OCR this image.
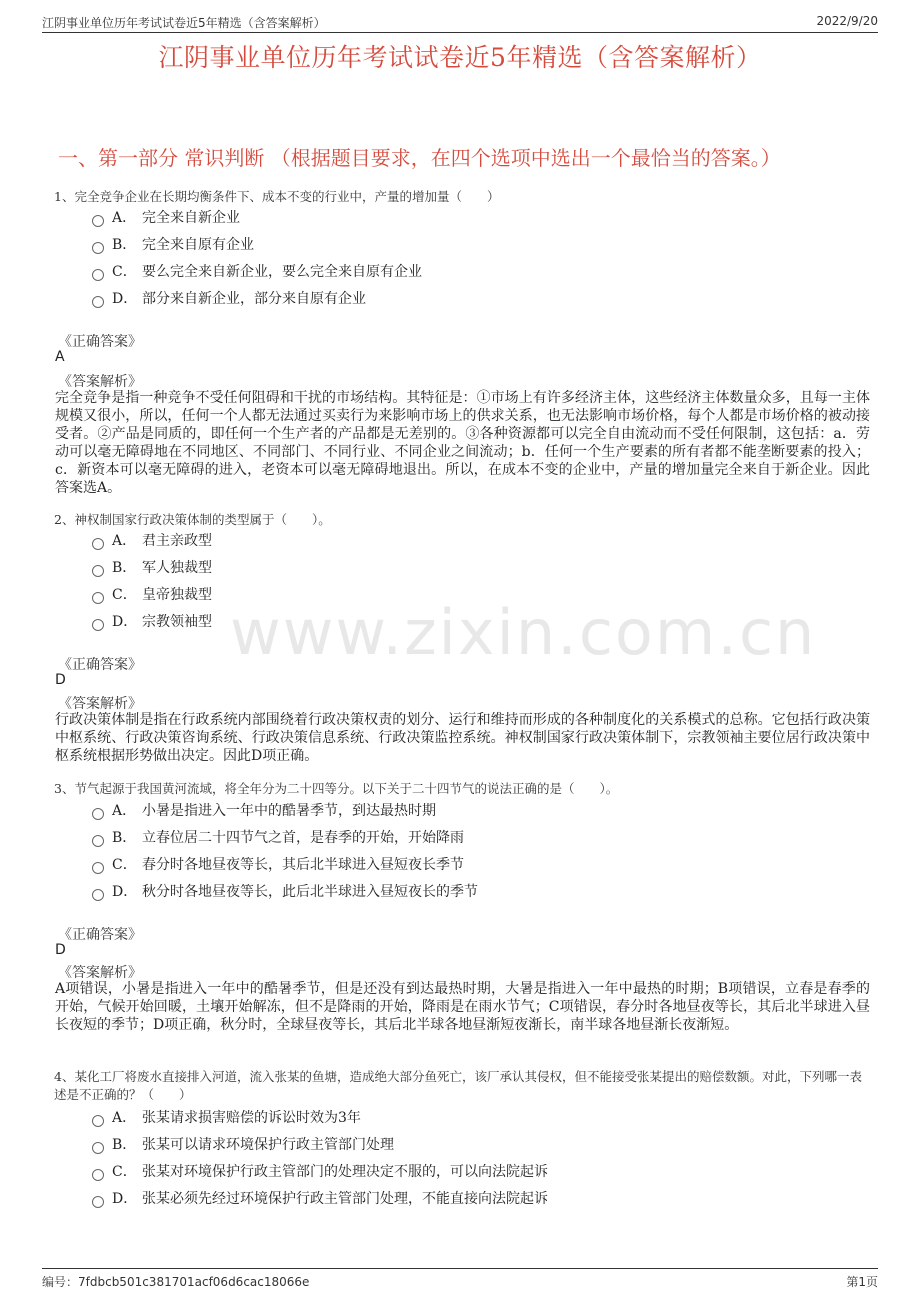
江阴事业单位历年考试试卷近5年精选（含答案解析）	2022/9/20
江阴事业单位历年考试试卷近5年精选（含答案解析）
一、第一部分 常识判断 （根据题目要求，在四个选项中选出一个最恰当的答案。）
www.zixin.com.cn
1、完全竞争企业在长期均衡条件下、成本不变的行业中，产量的增加量（　　）
A． 完全来自新企业
B． 完全来自原有企业
C． 要么完全来自新企业，要么完全来自原有企业
D． 部分来自新企业，部分来自原有企业
《正确答案》
A
《答案解析》
完全竞争是指一种竞争不受任何阻碍和干扰的市场结构。其特征是：①市场上有许多经济主体，这些经济主体数量众多，且每一主体规模又很小，所以，任何一个人都无法通过买卖行为来影响市场上的供求关系，也无法影响市场价格，每个人都是市场价格的被动接受者。②产品是同质的，即任何一个生产者的产品都是无差别的。③各种资源都可以完全自由流动而不受任何限制，这包括：a．劳动可以毫无障碍地在不同地区、不同部门、不同行业、不同企业之间流动；b．任何一个生产要素的所有者都不能垄断要素的投入；c．新资本可以毫无障碍的进入，老资本可以毫无障碍地退出。所以，在成本不变的企业中，产量的增加量完全来自于新企业。因此答案选A。
2、神权制国家行政决策体制的类型属于（　　）。
A． 君主亲政型
B． 军人独裁型
C． 皇帝独裁型
D． 宗教领袖型
《正确答案》
D
《答案解析》
行政决策体制是指在行政系统内部围绕着行政决策权责的划分、运行和维持而形成的各种制度化的关系模式的总称。它包括行政决策中枢系统、行政决策咨询系统、行政决策信息系统、行政决策监控系统。神权制国家行政决策体制下，宗教领袖主要位居行政决策中枢系统根据形势做出决定。因此D项正确。
3、节气起源于我国黄河流域，将全年分为二十四等分。以下关于二十四节气的说法正确的是（　　）。
A． 小暑是指进入一年中的酷暑季节，到达最热时期
B． 立春位居二十四节气之首，是春季的开始，开始降雨
C． 春分时各地昼夜等长，其后北半球进入昼短夜长季节
D． 秋分时各地昼夜等长，此后北半球进入昼短夜长的季节
《正确答案》
D
《答案解析》
A项错误，小暑是指进入一年中的酷暑季节，但是还没有到达最热时期，大暑是指进入一年中最热的时期；B项错误，立春是春季的开始，气候开始回暖，土壤开始解冻，但不是降雨的开始，降雨是在雨水节气；C项错误，春分时各地昼夜等长，其后北半球进入昼长夜短的季节；D项正确，秋分时，全球昼夜等长，其后北半球各地昼渐短夜渐长，南半球各地昼渐长夜渐短。
4、某化工厂将废水直接排入河道，流入张某的鱼塘，造成绝大部分鱼死亡，该厂承认其侵权，但不能接受张某提出的赔偿数额。对此，下列哪一表述是不正确的？（　　）
A． 张某请求损害赔偿的诉讼时效为3年
B． 张某可以请求环境保护行政主管部门处理
C． 张某对环境保护行政主管部门的处理决定不服的，可以向法院起诉
D． 张某必须先经过环境保护行政主管部门处理，不能直接向法院起诉
编号：7fdbcb501c381701acf06d6cac18066e	第1页
